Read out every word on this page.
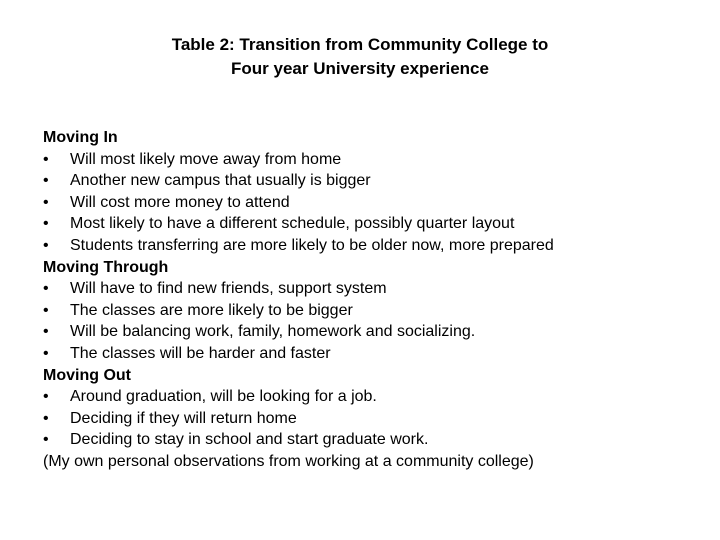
Table 2: Transition from Community College to
Four year University experience
Moving In
•	Will most likely move away from home
•	Another new campus that usually is bigger
•	Will cost more money to attend
•	Most likely to have a different schedule, possibly quarter layout
•	Students transferring are more likely to be older now, more prepared
Moving Through
•	Will have to find new friends, support system
•	The classes are more likely to be bigger
•	Will be balancing work, family, homework and socializing.
•	The classes will be harder and faster
Moving Out
•	Around graduation, will be looking for a job.
•	Deciding if they will return home
•	Deciding to stay in school and start graduate work.
(My own personal observations from working at a community college)
